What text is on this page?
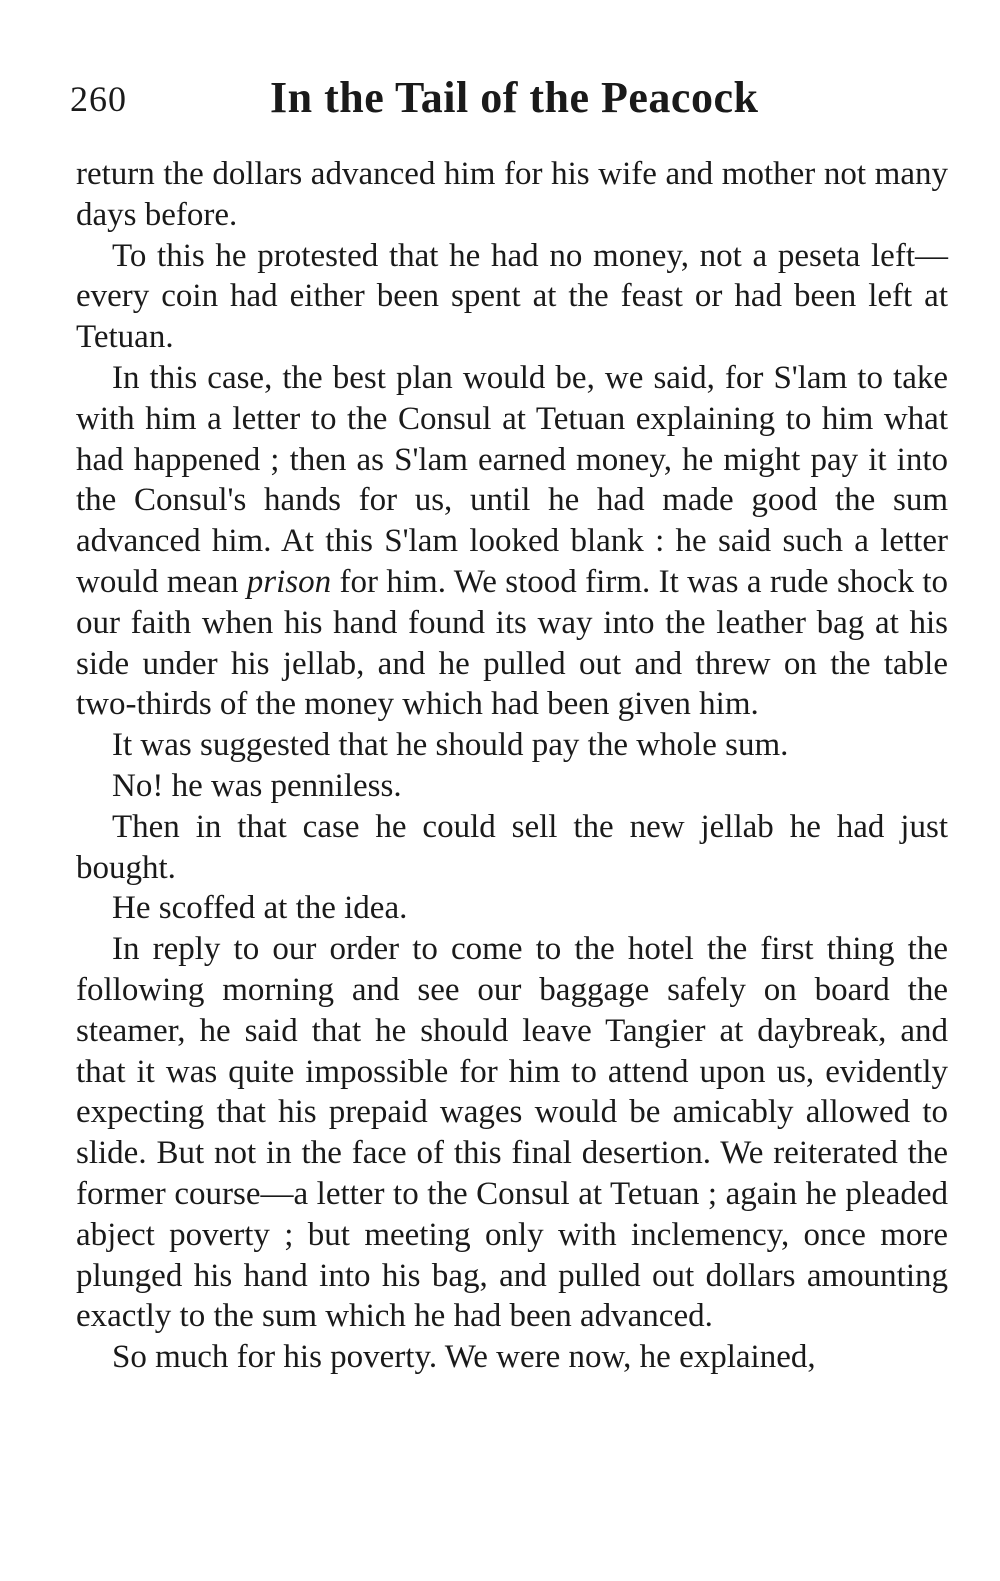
260	In the Tail of the Peacock

return the dollars advanced him for his wife and mother not many days before.

To this he protested that he had no money, not a peseta left—every coin had either been spent at the feast or had been left at Tetuan.

In this case, the best plan would be, we said, for S'lam to take with him a letter to the Consul at Tetuan explaining to him what had happened ; then as S'lam earned money, he might pay it into the Consul's hands for us, until he had made good the sum advanced him. At this S'lam looked blank : he said such a letter would mean prison for him. We stood firm. It was a rude shock to our faith when his hand found its way into the leather bag at his side under his jellab, and he pulled out and threw on the table two-thirds of the money which had been given him.

It was suggested that he should pay the whole sum.

No! he was penniless.

Then in that case he could sell the new jellab he had just bought.

He scoffed at the idea.

In reply to our order to come to the hotel the first thing the following morning and see our baggage safely on board the steamer, he said that he should leave Tangier at daybreak, and that it was quite impossible for him to attend upon us, evidently expecting that his prepaid wages would be amicably allowed to slide. But not in the face of this final desertion. We reiterated the former course—a letter to the Consul at Tetuan ; again he pleaded abject poverty ; but meeting only with inclemency, once more plunged his hand into his bag, and pulled out dollars amounting exactly to the sum which he had been advanced.

So much for his poverty. We were now, he explained,
